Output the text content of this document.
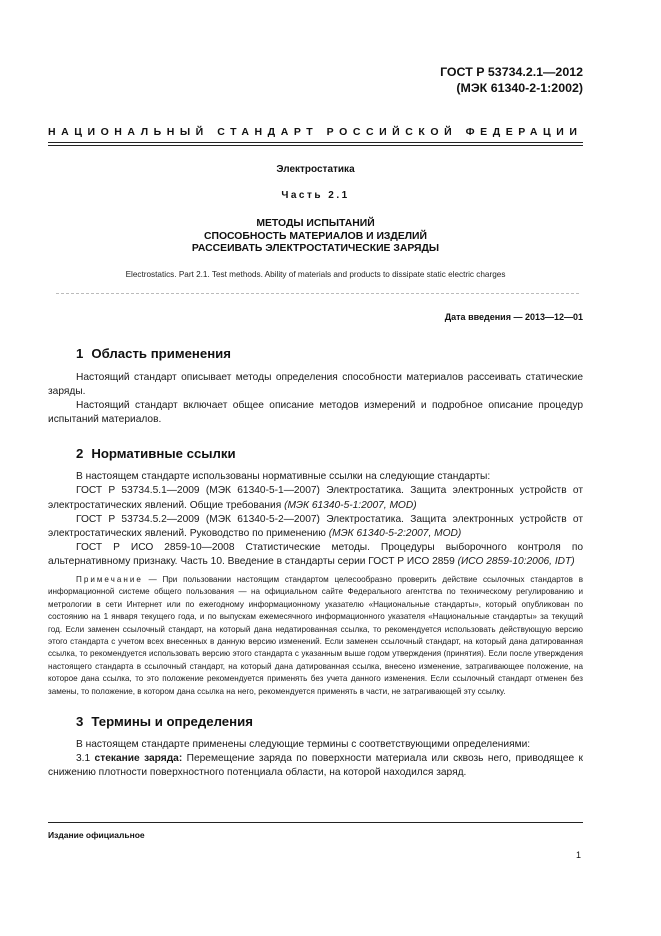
ГОСТ Р 53734.2.1—2012
(МЭК 61340-2-1:2002)
НАЦИОНАЛЬНЫЙ СТАНДАРТ РОССИЙСКОЙ ФЕДЕРАЦИИ
Электростатика
Часть 2.1
МЕТОДЫ ИСПЫТАНИЙ
СПОСОБНОСТЬ МАТЕРИАЛОВ И ИЗДЕЛИЙ
РАССЕИВАТЬ ЭЛЕКТРОСТАТИЧЕСКИЕ ЗАРЯДЫ
Electrostatics. Part 2.1. Test methods. Ability of materials and products to dissipate static electric charges
Дата введения — 2013—12—01
1 Область применения

Настоящий стандарт описывает методы определения способности материалов рассеивать статические заряды.

Настоящий стандарт включает общее описание методов измерений и подробное описание процедур испытаний материалов.

2 Нормативные ссылки

В настоящем стандарте использованы нормативные ссылки на следующие стандарты:

ГОСТ Р 53734.5.1—2009 (МЭК 61340-5-1—2007) Электростатика. Защита электронных устройств от электростатических явлений. Общие требования (МЭК 61340-5-1:2007, MOD)

ГОСТ Р 53734.5.2—2009 (МЭК 61340-5-2—2007) Электростатика. Защита электронных устройств от электростатических явлений. Руководство по применению (МЭК 61340-5-2:2007, MOD)

ГОСТ Р ИСО 2859-10—2008 Статистические методы. Процедуры выборочного контроля по альтернативному признаку. Часть 10. Введение в стандарты серии ГОСТ Р ИСО 2859 (ИСО 2859-10:2006, IDT)

Примечание — При пользовании настоящим стандартом целесообразно проверить действие ссылочных стандартов в информационной системе общего пользования — на официальном сайте Федерального агентства по техническому регулированию и метрологии в сети Интернет или по ежегодному информационному указателю «Национальные стандарты», который опубликован по состоянию на 1 января текущего года, и по выпускам ежемесячного информационного указателя «Национальные стандарты» за текущий год. Если заменен ссылочный стандарт, на который дана недатированная ссылка, то рекомендуется использовать действующую версию этого стандарта с учетом всех внесенных в данную версию изменений. Если заменен ссылочный стандарт, на который дана датированная ссылка, то рекомендуется использовать версию этого стандарта с указанным выше годом утверждения (принятия). Если после утверждения настоящего стандарта в ссылочный стандарт, на который дана датированная ссылка, внесено изменение, затрагивающее положение, на которое дана ссылка, то это положение рекомендуется применять без учета данного изменения. Если ссылочный стандарт отменен без замены, то положение, в котором дана ссылка на него, рекомендуется применять в части, не затрагивающей эту ссылку.

3 Термины и определения

В настоящем стандарте применены следующие термины с соответствующими определениями:

3.1 стекание заряда: Перемещение заряда по поверхности материала или сквозь него, приводящее к снижению плотности поверхностного потенциала области, на которой находился заряд.

Издание официальное
1
